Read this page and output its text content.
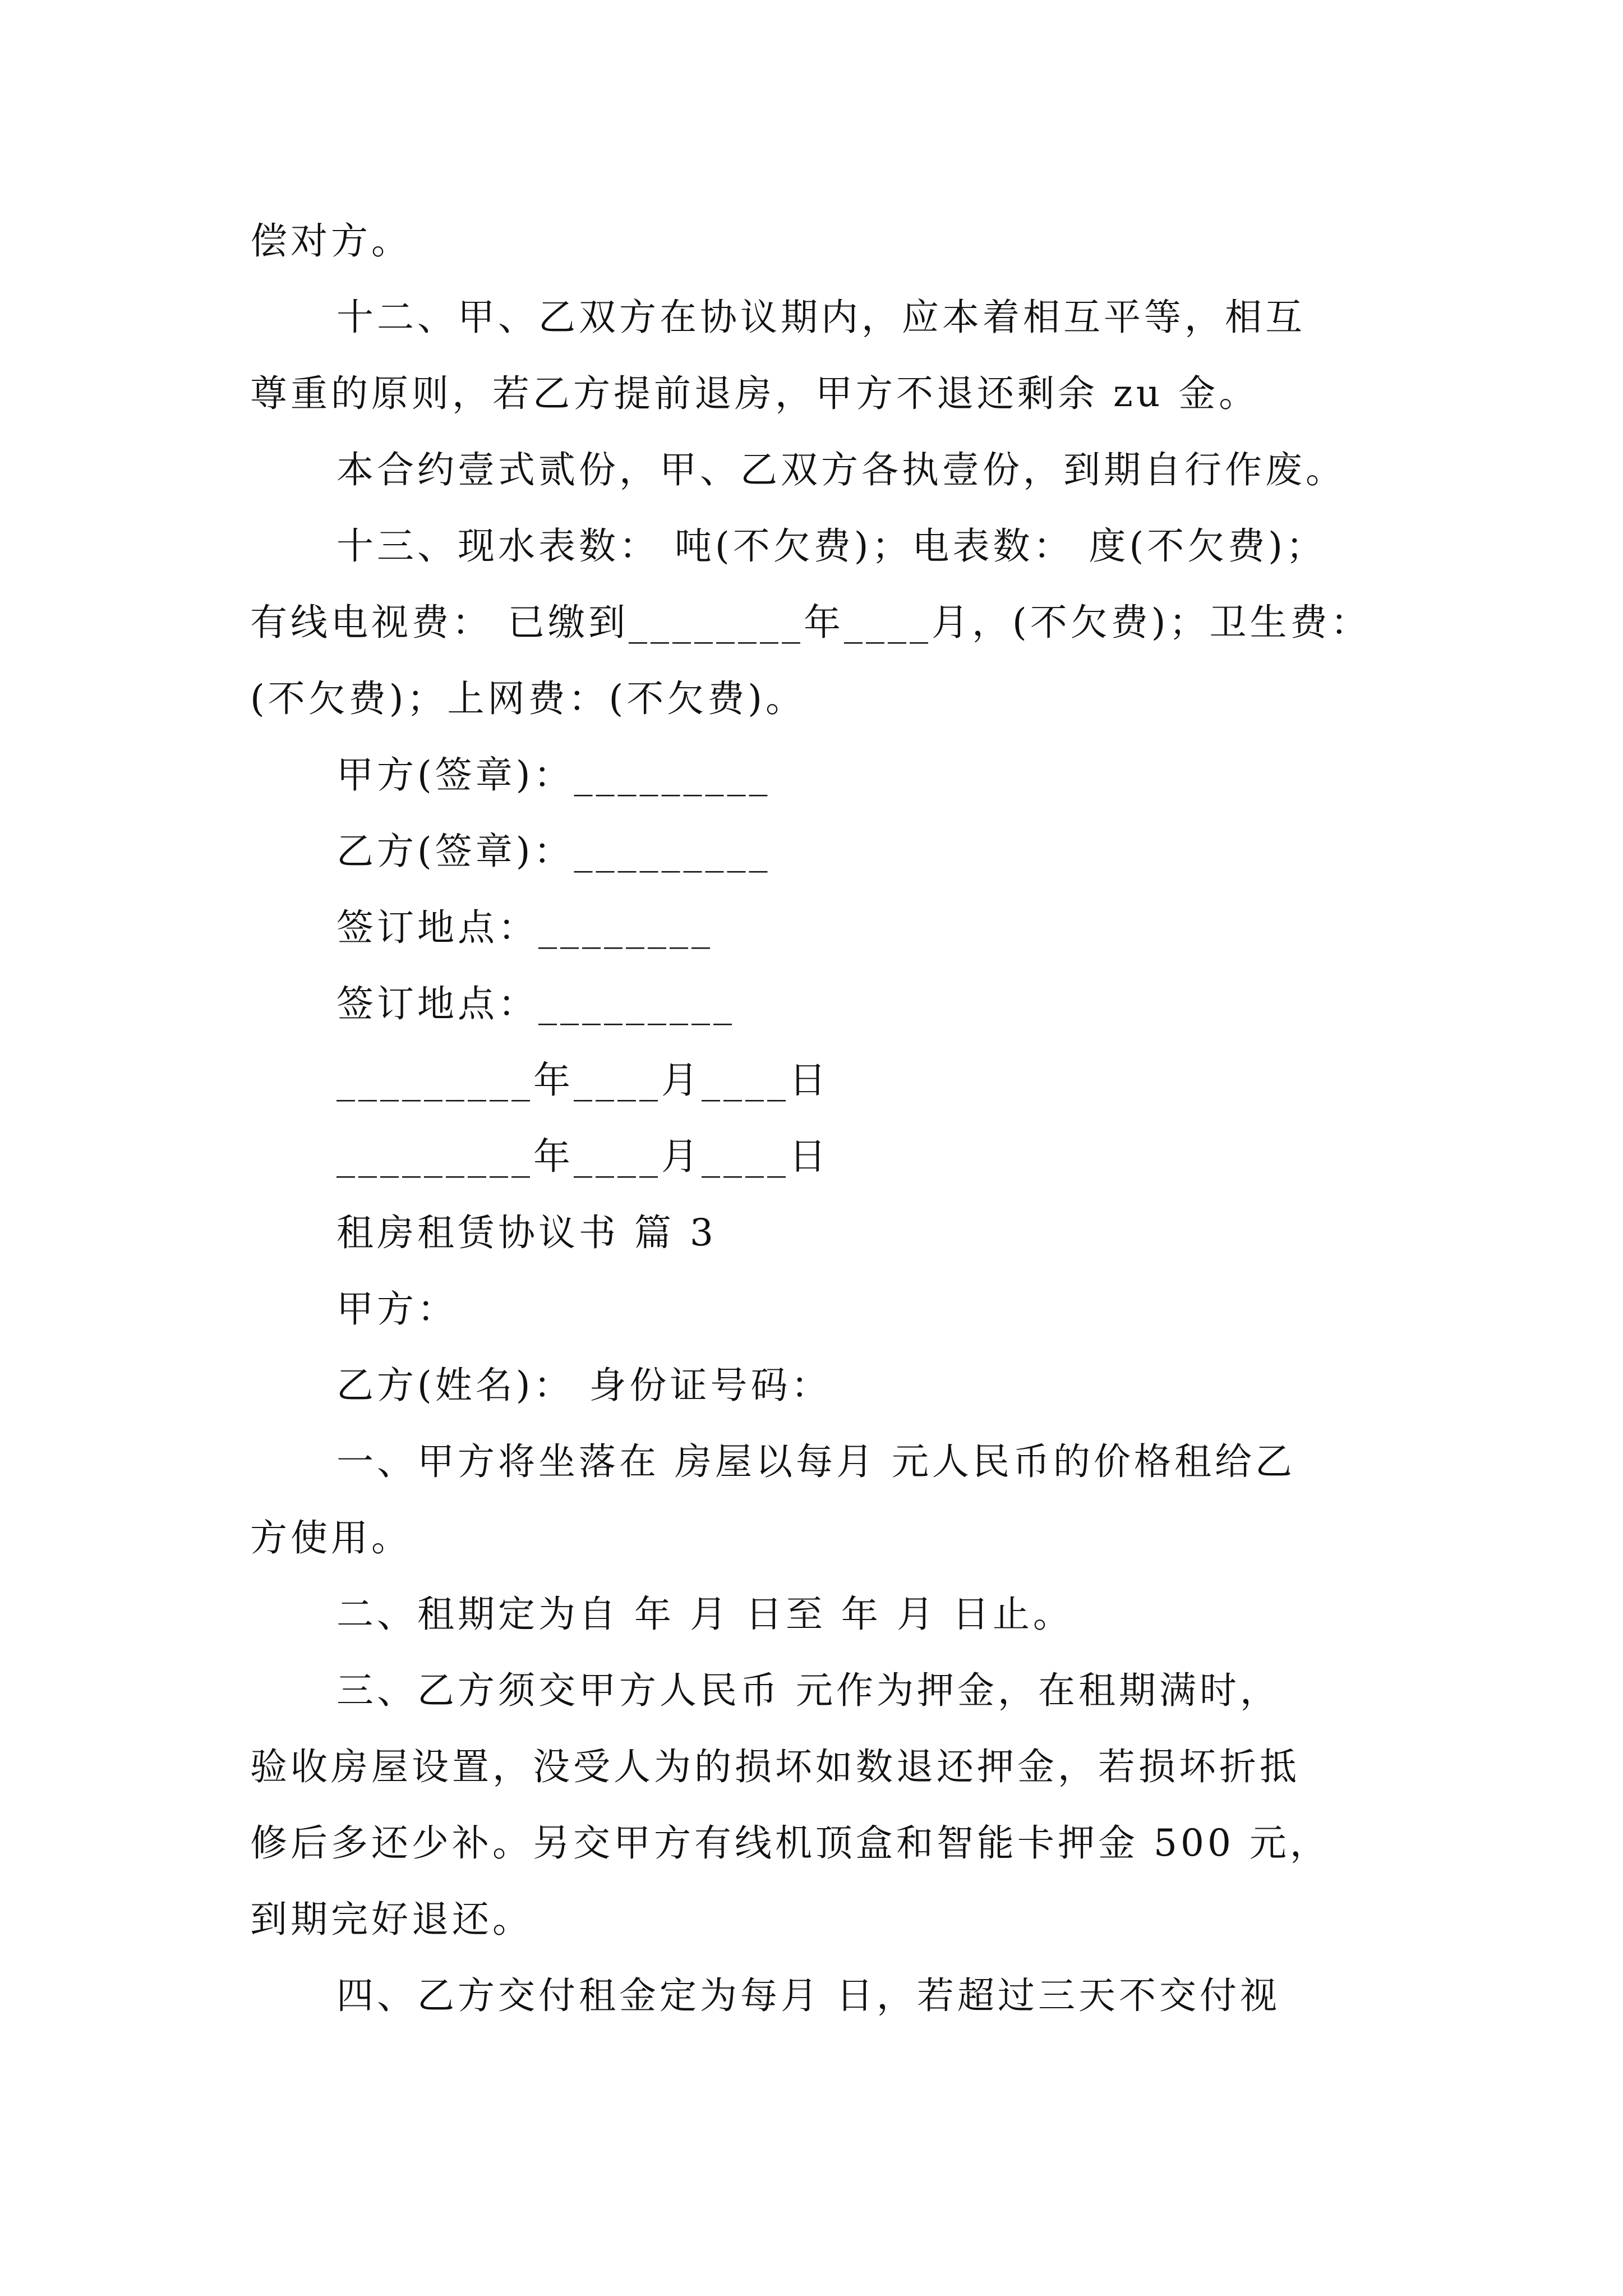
偿对方。
十二、甲、乙双方在协议期内，应本着相互平等，相互
尊重的原则，若乙方提前退房，甲方不退还剩余 zu 金。
本合约壹式贰份，甲、乙双方各执壹份，到期自行作废。
十三、现水表数： 吨(不欠费)；电表数： 度(不欠费)；
有线电视费： 已缴到________年____月，(不欠费)；卫生费：
(不欠费)；上网费：(不欠费)。
甲方(签章)：_________
乙方(签章)：_________
签订地点：________
签订地点：_________
_________年____月____日
_________年____月____日
租房租赁协议书 篇 3
甲方：
乙方(姓名)： 身份证号码：
一、甲方将坐落在 房屋以每月 元人民币的价格租给乙
方使用。
二、租期定为自 年 月 日至 年 月 日止。
三、乙方须交甲方人民币 元作为押金，在租期满时，
验收房屋设置，没受人为的损坏如数退还押金，若损坏折抵
修后多还少补。另交甲方有线机顶盒和智能卡押金 500 元，
到期完好退还。
四、乙方交付租金定为每月 日，若超过三天不交付视
